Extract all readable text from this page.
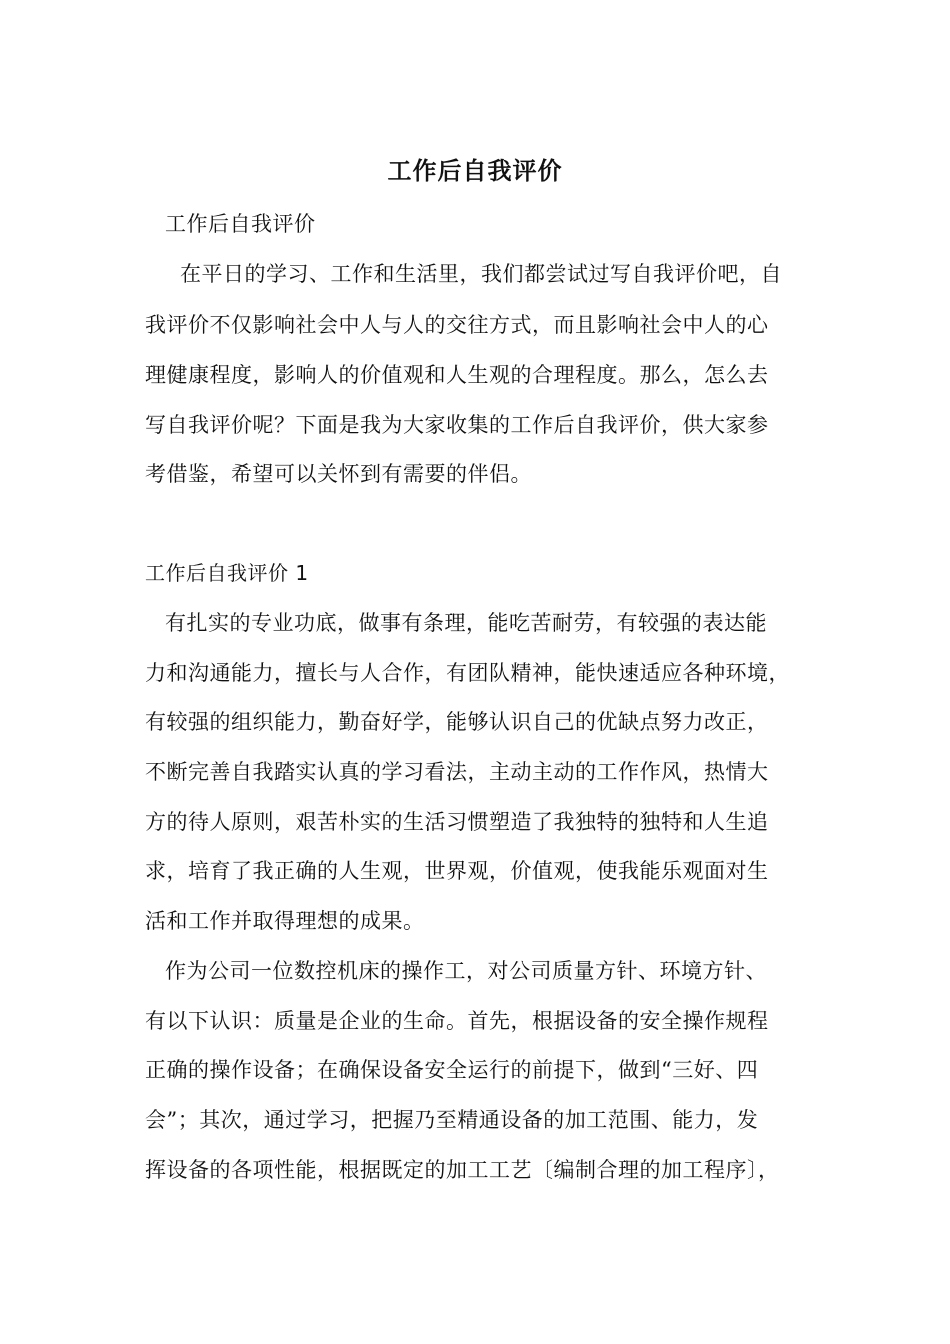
工作后自我评价
工作后自我评价
在平日的学习、工作和生活里，我们都尝试过写自我评价吧，自
我评价不仅影响社会中人与人的交往方式，而且影响社会中人的心
理健康程度，影响人的价值观和人生观的合理程度。那么，怎么去
写自我评价呢？下面是我为大家收集的工作后自我评价，供大家参
考借鉴，希望可以关怀到有需要的伴侣。
工作后自我评价 1
有扎实的专业功底，做事有条理，能吃苦耐劳，有较强的表达能
力和沟通能力，擅长与人合作，有团队精神，能快速适应各种环境，
有较强的组织能力，勤奋好学，能够认识自己的优缺点努力改正，
不断完善自我踏实认真的学习看法，主动主动的工作作风，热情大
方的待人原则，艰苦朴实的生活习惯塑造了我独特的独特和人生追
求，培育了我正确的人生观，世界观，价值观，使我能乐观面对生
活和工作并取得理想的成果。
作为公司一位数控机床的操作工，对公司质量方针、环境方针、
有以下认识：质量是企业的生命。首先，根据设备的安全操作规程
正确的操作设备；在确保设备安全运行的前提下，做到“三好、四
会”；其次，通过学习，把握乃至精通设备的加工范围、能力，发
挥设备的各项性能，根据既定的加工工艺〔编制合理的加工程序〕，
